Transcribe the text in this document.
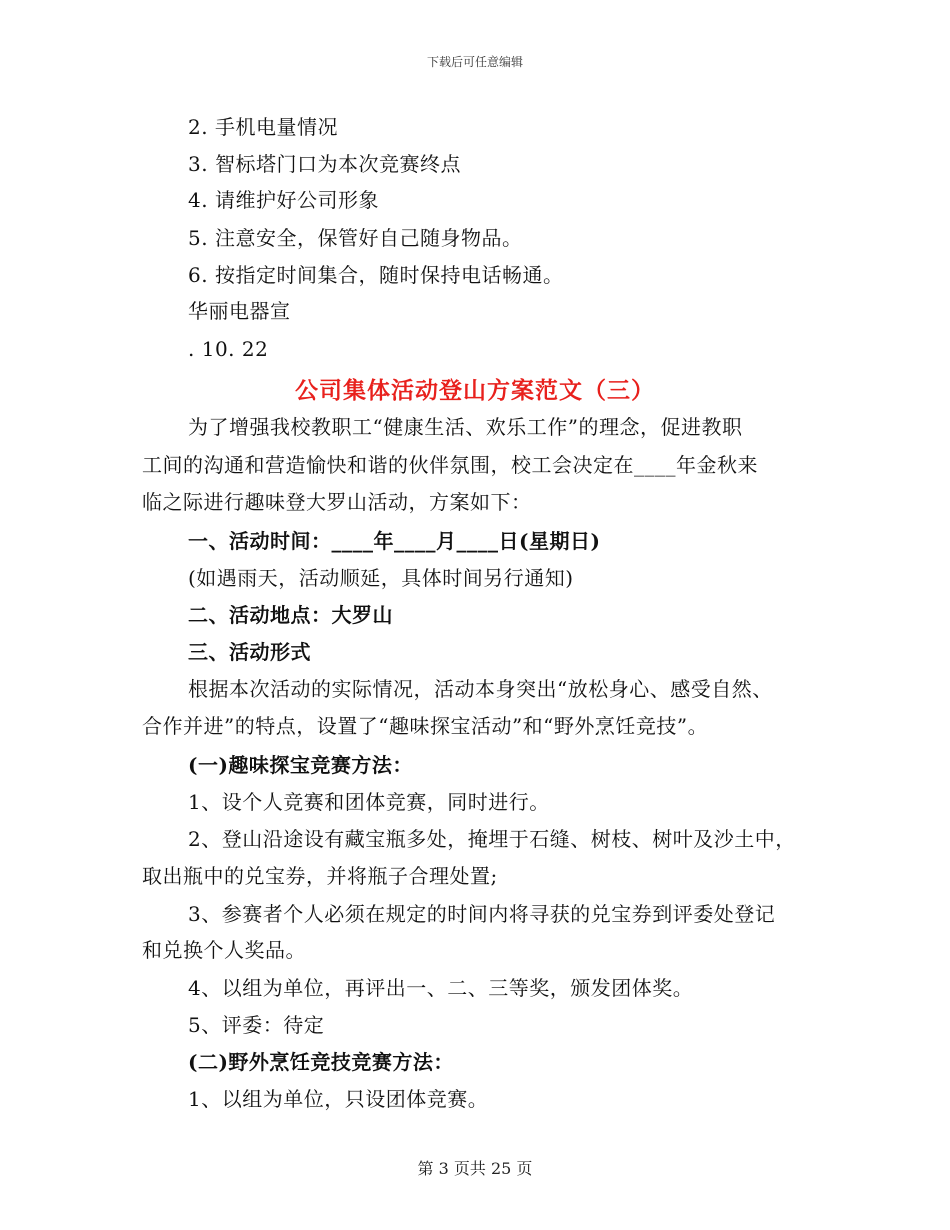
下载后可任意编辑
2. 手机电量情况
3. 智标塔门口为本次竞赛终点
4. 请维护好公司形象
5. 注意安全，保管好自己随身物品。
6. 按指定时间集合，随时保持电话畅通。
华丽电器宣
. 10. 22
公司集体活动登山方案范文（三）
为了增强我校教职工“健康生活、欢乐工作”的理念，促进教职
工间的沟通和营造愉快和谐的伙伴氛围，校工会决定在____年金秋来
临之际进行趣味登大罗山活动，方案如下：
一、活动时间：____年____月____日(星期日)
(如遇雨天，活动顺延，具体时间另行通知)
二、活动地点：大罗山
三、活动形式
根据本次活动的实际情况，活动本身突出“放松身心、感受自然、
合作并进”的特点，设置了“趣味探宝活动”和“野外烹饪竞技”。
(一)趣味探宝竞赛方法：
1、设个人竞赛和团体竞赛，同时进行。
2、登山沿途设有藏宝瓶多处，掩埋于石缝、树枝、树叶及沙土中，
取出瓶中的兑宝券，并将瓶子合理处置;
3、参赛者个人必须在规定的时间内将寻获的兑宝券到评委处登记
和兑换个人奖品。
4、以组为单位，再评出一、二、三等奖，颁发团体奖。
5、评委：待定
(二)野外烹饪竞技竞赛方法：
1、以组为单位，只设团体竞赛。
第 3 页共 25 页
